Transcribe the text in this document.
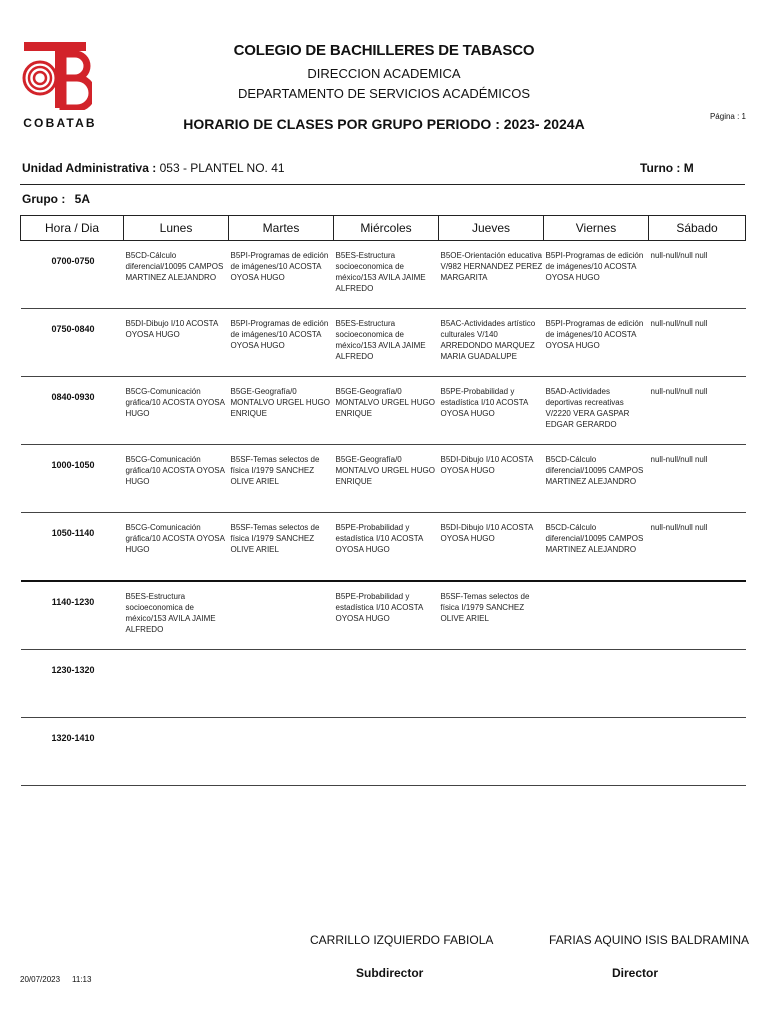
COBATAB
COLEGIO DE BACHILLERES DE TABASCO
DIRECCION ACADEMICA
DEPARTAMENTO DE SERVICIOS ACADÉMICOS
HORARIO DE CLASES POR GRUPO PERIODO : 2023- 2024A	Página : 1
Unidad Administrativa : 053 - PLANTEL NO. 41	Turno : M
Grupo : 5A
Hora / Dia	Lunes	Martes	Miércoles	Jueves	Viernes	Sábado
0700-0750	B5CD-Cálculo diferencial/10095 CAMPOS MARTINEZ ALEJANDRO	B5PI-Programas de edición de imágenes/10 ACOSTA OYOSA HUGO	B5ES-Estructura socioeconomica de méxico/153 AVILA JAIME ALFREDO	B5OE-Orientación educativa V/982 HERNANDEZ PEREZ MARGARITA	B5PI-Programas de edición de imágenes/10 ACOSTA OYOSA HUGO	null-null/null null
0750-0840	B5DI-Dibujo I/10 ACOSTA OYOSA HUGO	B5PI-Programas de edición de imágenes/10 ACOSTA OYOSA HUGO	B5ES-Estructura socioeconomica de méxico/153 AVILA JAIME ALFREDO	B5AC-Actividades artístico culturales V/140 ARREDONDO MARQUEZ MARIA GUADALUPE	B5PI-Programas de edición de imágenes/10 ACOSTA OYOSA HUGO	null-null/null null
0840-0930	B5CG-Comunicación gráfica/10 ACOSTA OYOSA HUGO	B5GE-Geografía/0 MONTALVO URGEL HUGO ENRIQUE	B5GE-Geografía/0 MONTALVO URGEL HUGO ENRIQUE	B5PE-Probabilidad y estadística I/10 ACOSTA OYOSA HUGO	B5AD-Actividades deportivas recreativas V/2220 VERA GASPAR EDGAR GERARDO	null-null/null null
1000-1050	B5CG-Comunicación gráfica/10 ACOSTA OYOSA HUGO	B5SF-Temas selectos de física I/1979 SANCHEZ OLIVE ARIEL	B5GE-Geografía/0 MONTALVO URGEL HUGO ENRIQUE	B5DI-Dibujo I/10 ACOSTA OYOSA HUGO	B5CD-Cálculo diferencial/10095 CAMPOS MARTINEZ ALEJANDRO	null-null/null null
1050-1140	B5CG-Comunicación gráfica/10 ACOSTA OYOSA HUGO	B5SF-Temas selectos de física I/1979 SANCHEZ OLIVE ARIEL	B5PE-Probabilidad y estadística I/10 ACOSTA OYOSA HUGO	B5DI-Dibujo I/10 ACOSTA OYOSA HUGO	B5CD-Cálculo diferencial/10095 CAMPOS MARTINEZ ALEJANDRO	null-null/null null
1140-1230	B5ES-Estructura socioeconomica de méxico/153 AVILA JAIME ALFREDO		B5PE-Probabilidad y estadística I/10 ACOSTA OYOSA HUGO	B5SF-Temas selectos de física I/1979 SANCHEZ OLIVE ARIEL		
1230-1320						
1320-1410						
CARRILLO IZQUIERDO FABIOLA
Subdirector
FARIAS AQUINO ISIS BALDRAMINA
Director
20/07/2023 11:13
